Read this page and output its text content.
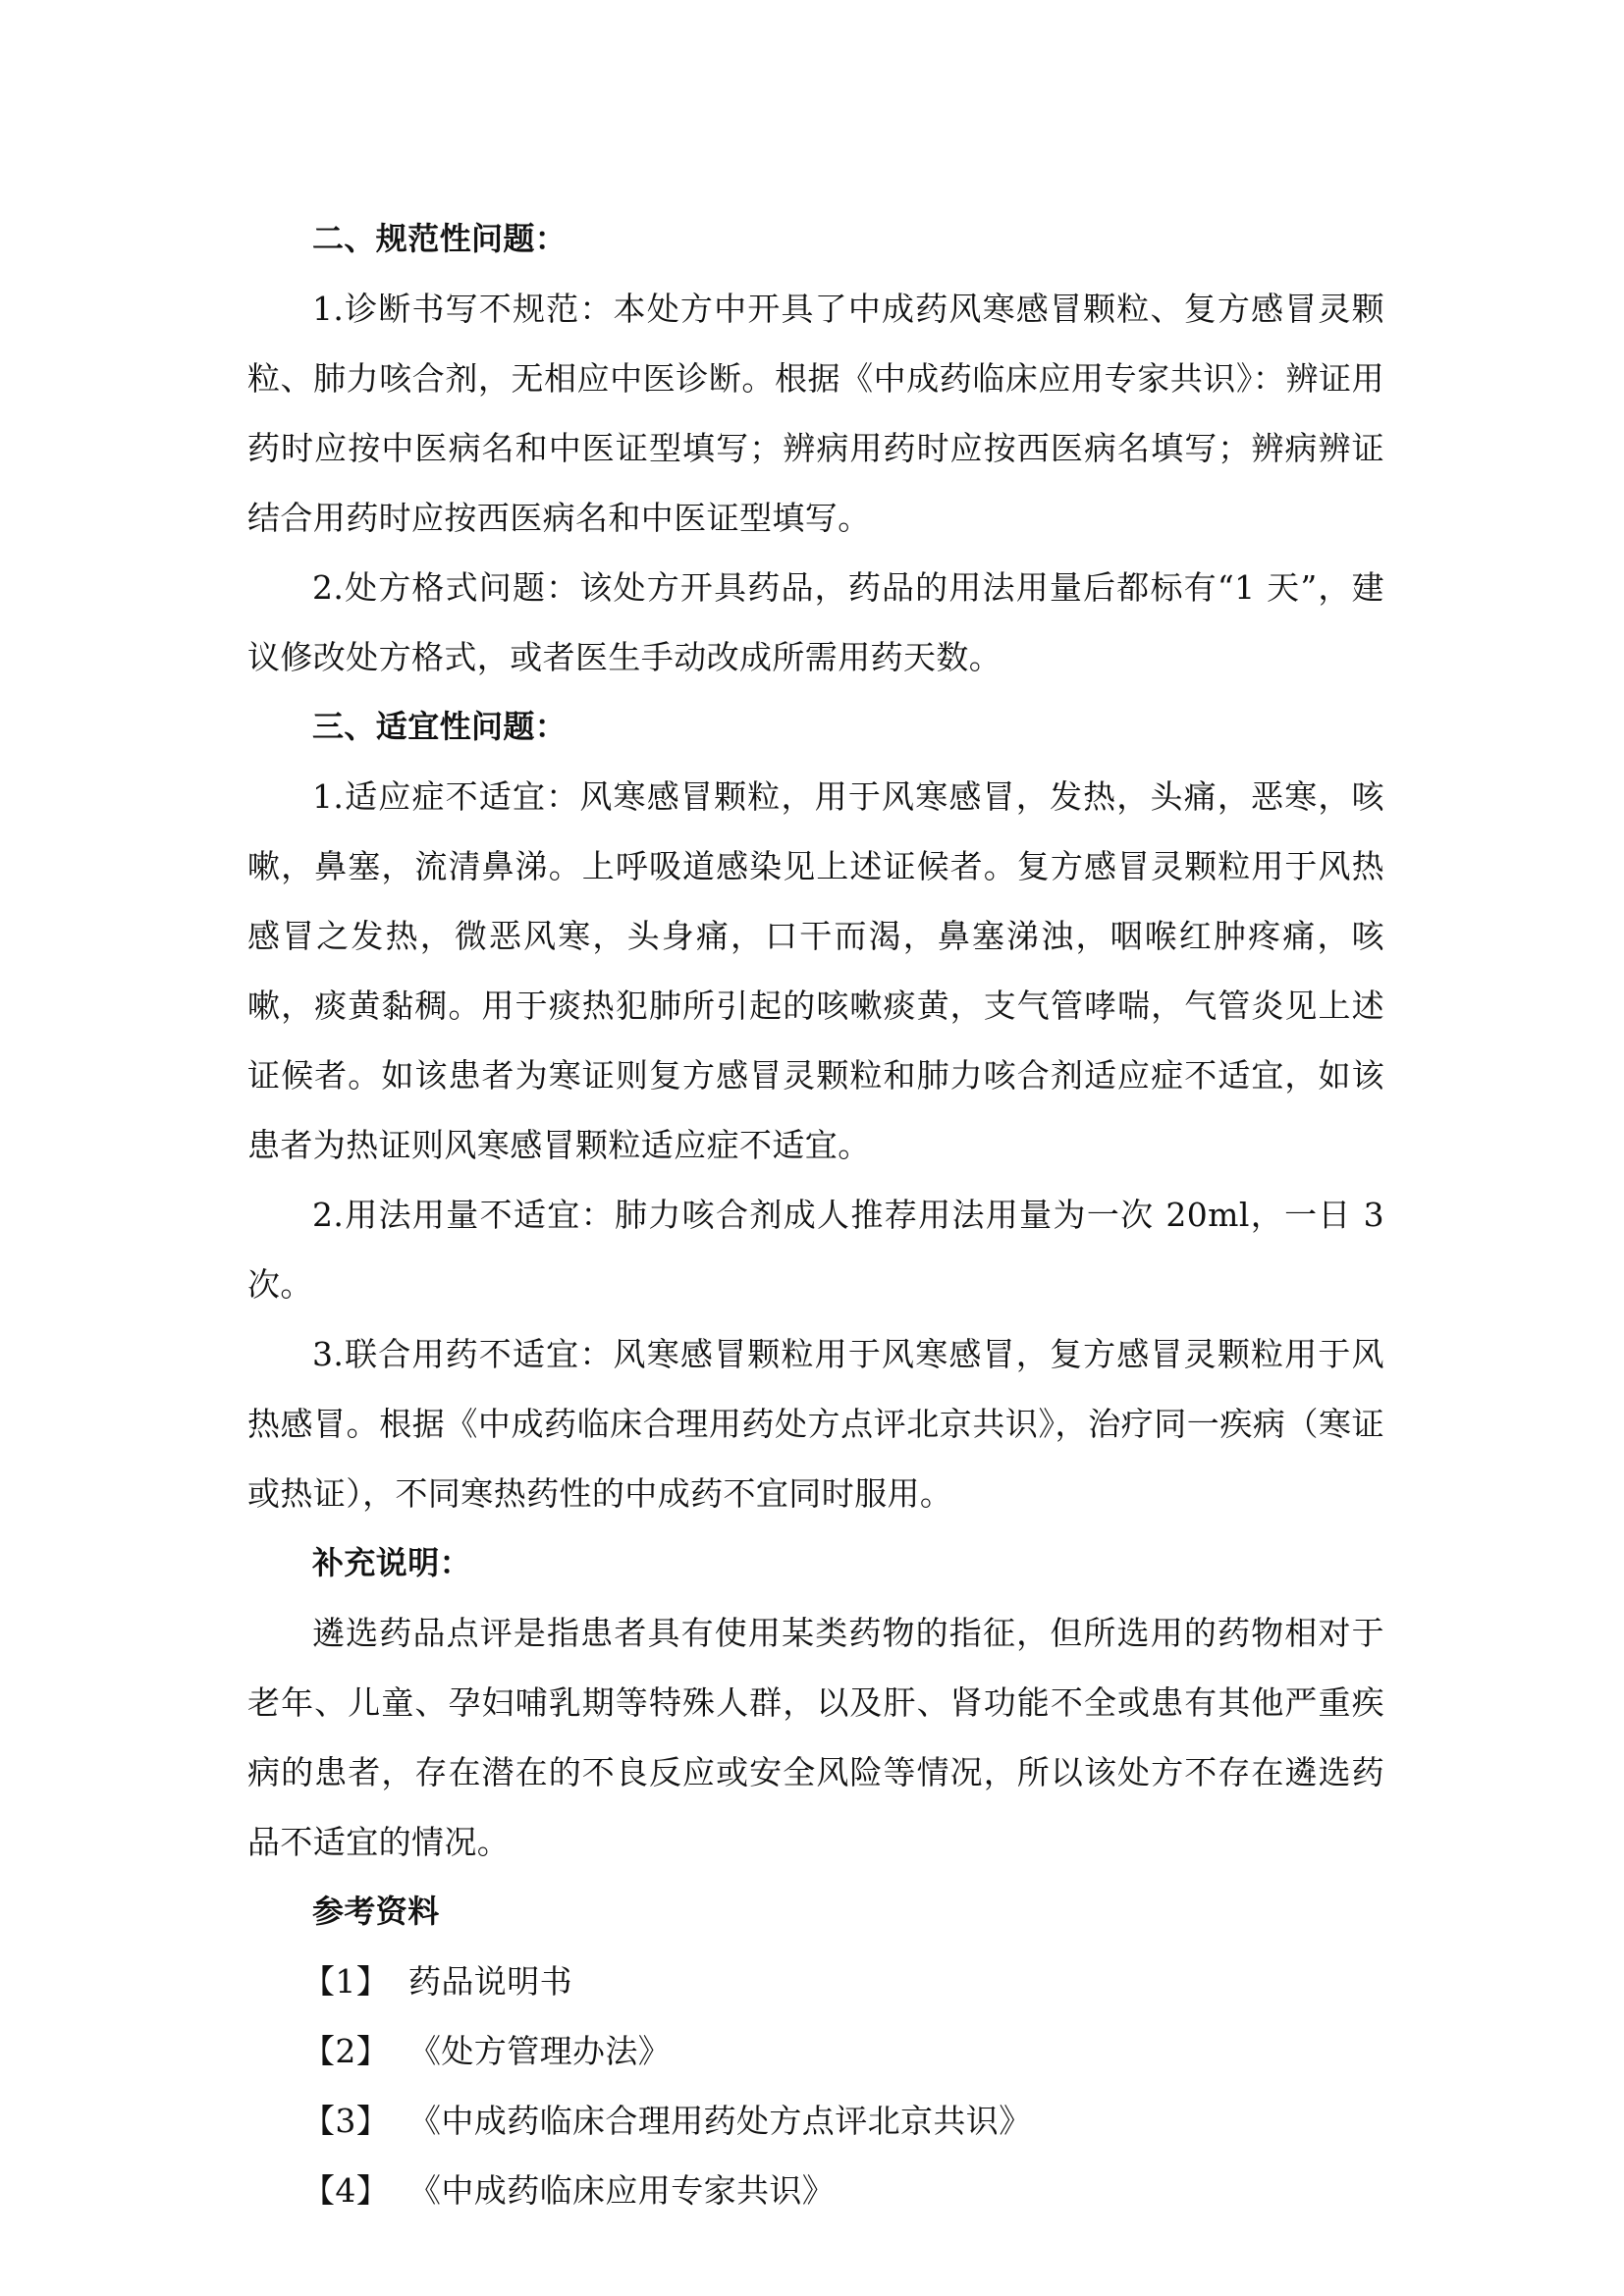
二、规范性问题：

1.诊断书写不规范：本处方中开具了中成药风寒感冒颗粒、复方感冒灵颗粒、肺力咳合剂，无相应中医诊断。根据《中成药临床应用专家共识》：辨证用药时应按中医病名和中医证型填写；辨病用药时应按西医病名填写；辨病辨证结合用药时应按西医病名和中医证型填写。

2.处方格式问题：该处方开具药品，药品的用法用量后都标有“1 天”，建议修改处方格式，或者医生手动改成所需用药天数。

三、适宜性问题：

1.适应症不适宜：风寒感冒颗粒，用于风寒感冒，发热，头痛，恶寒，咳嗽，鼻塞，流清鼻涕。上呼吸道感染见上述证候者。复方感冒灵颗粒用于风热感冒之发热，微恶风寒，头身痛，口干而渴，鼻塞涕浊，咽喉红肿疼痛，咳嗽，痰黄黏稠。用于痰热犯肺所引起的咳嗽痰黄，支气管哮喘，气管炎见上述证候者。如该患者为寒证则复方感冒灵颗粒和肺力咳合剂适应症不适宜，如该患者为热证则风寒感冒颗粒适应症不适宜。

2.用法用量不适宜：肺力咳合剂成人推荐用法用量为一次 20ml，一日 3 次。

3.联合用药不适宜：风寒感冒颗粒用于风寒感冒，复方感冒灵颗粒用于风热感冒。根据《中成药临床合理用药处方点评北京共识》，治疗同一疾病（寒证或热证），不同寒热药性的中成药不宜同时服用。

补充说明：

遴选药品点评是指患者具有使用某类药物的指征，但所选用的药物相对于老年、儿童、孕妇哺乳期等特殊人群，以及肝、肾功能不全或患有其他严重疾病的患者，存在潜在的不良反应或安全风险等情况，所以该处方不存在遴选药品不适宜的情况。

参考资料
【1】 药品说明书
【2】 《处方管理办法》
【3】 《中成药临床合理用药处方点评北京共识》
【4】 《中成药临床应用专家共识》
